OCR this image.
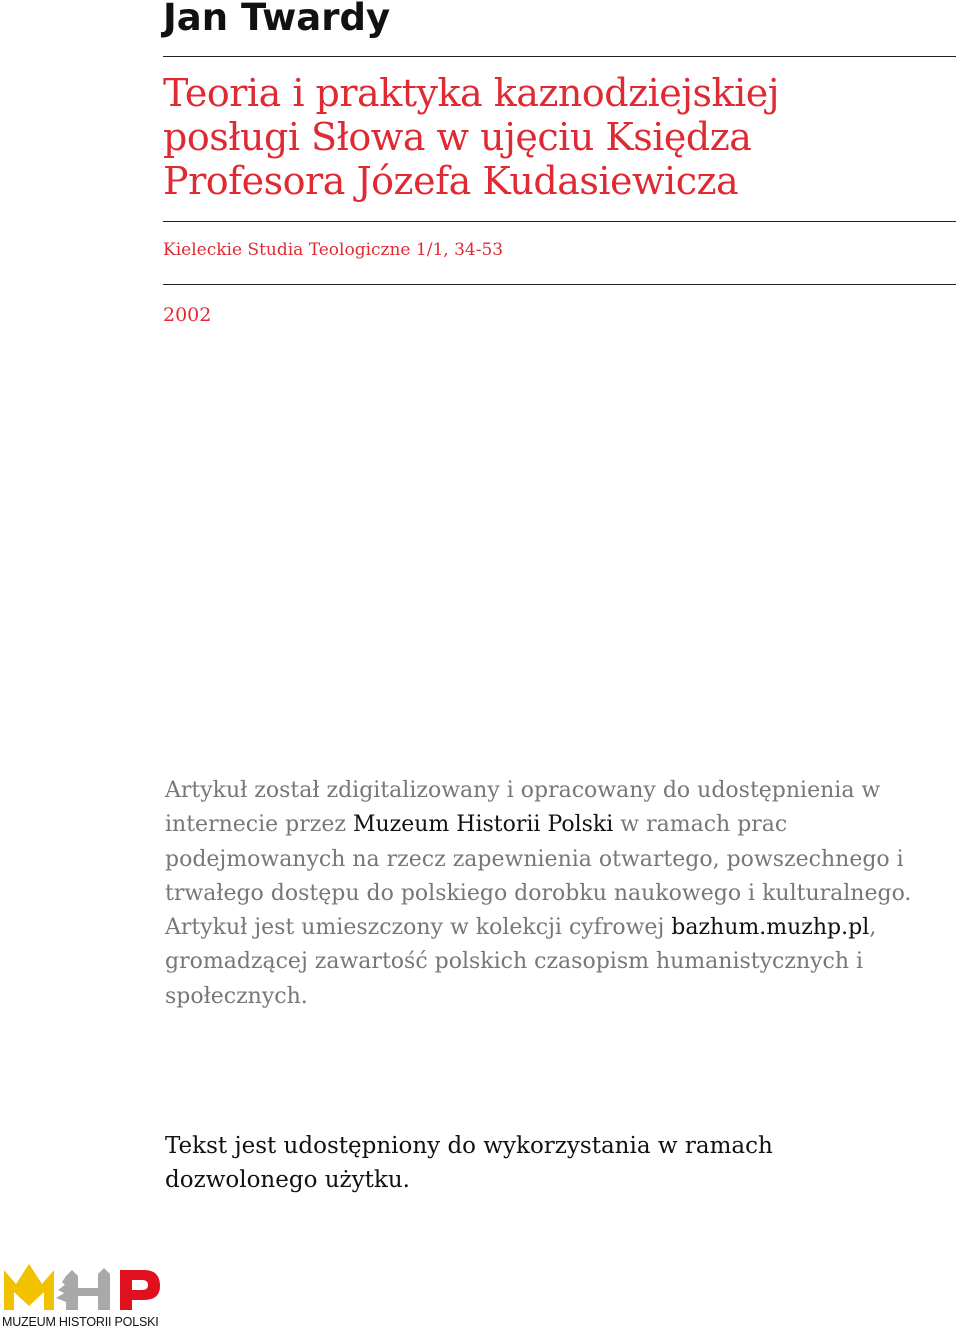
Jan Twardy
Teoria i praktyka kaznodziejskiej
posługi Słowa w ujęciu Księdza
Profesora Józefa Kudasiewicza

Kieleckie Studia Teologiczne 1/1, 34-53

2002

Artykuł został zdigitalizowany i opracowany do udostępnienia w internecie przez Muzeum Historii Polski w ramach prac podejmowanych na rzecz zapewnienia otwartego, powszechnego i trwałego dostępu do polskiego dorobku naukowego i kulturalnego. Artykuł jest umieszczony w kolekcji cyfrowej bazhum.muzhp.pl, gromadzącej zawartość polskich czasopism humanistycznych i społecznych.

Tekst jest udostępniony do wykorzystania w ramach dozwolonego użytku.

MUZEUM HISTORII POLSKI
